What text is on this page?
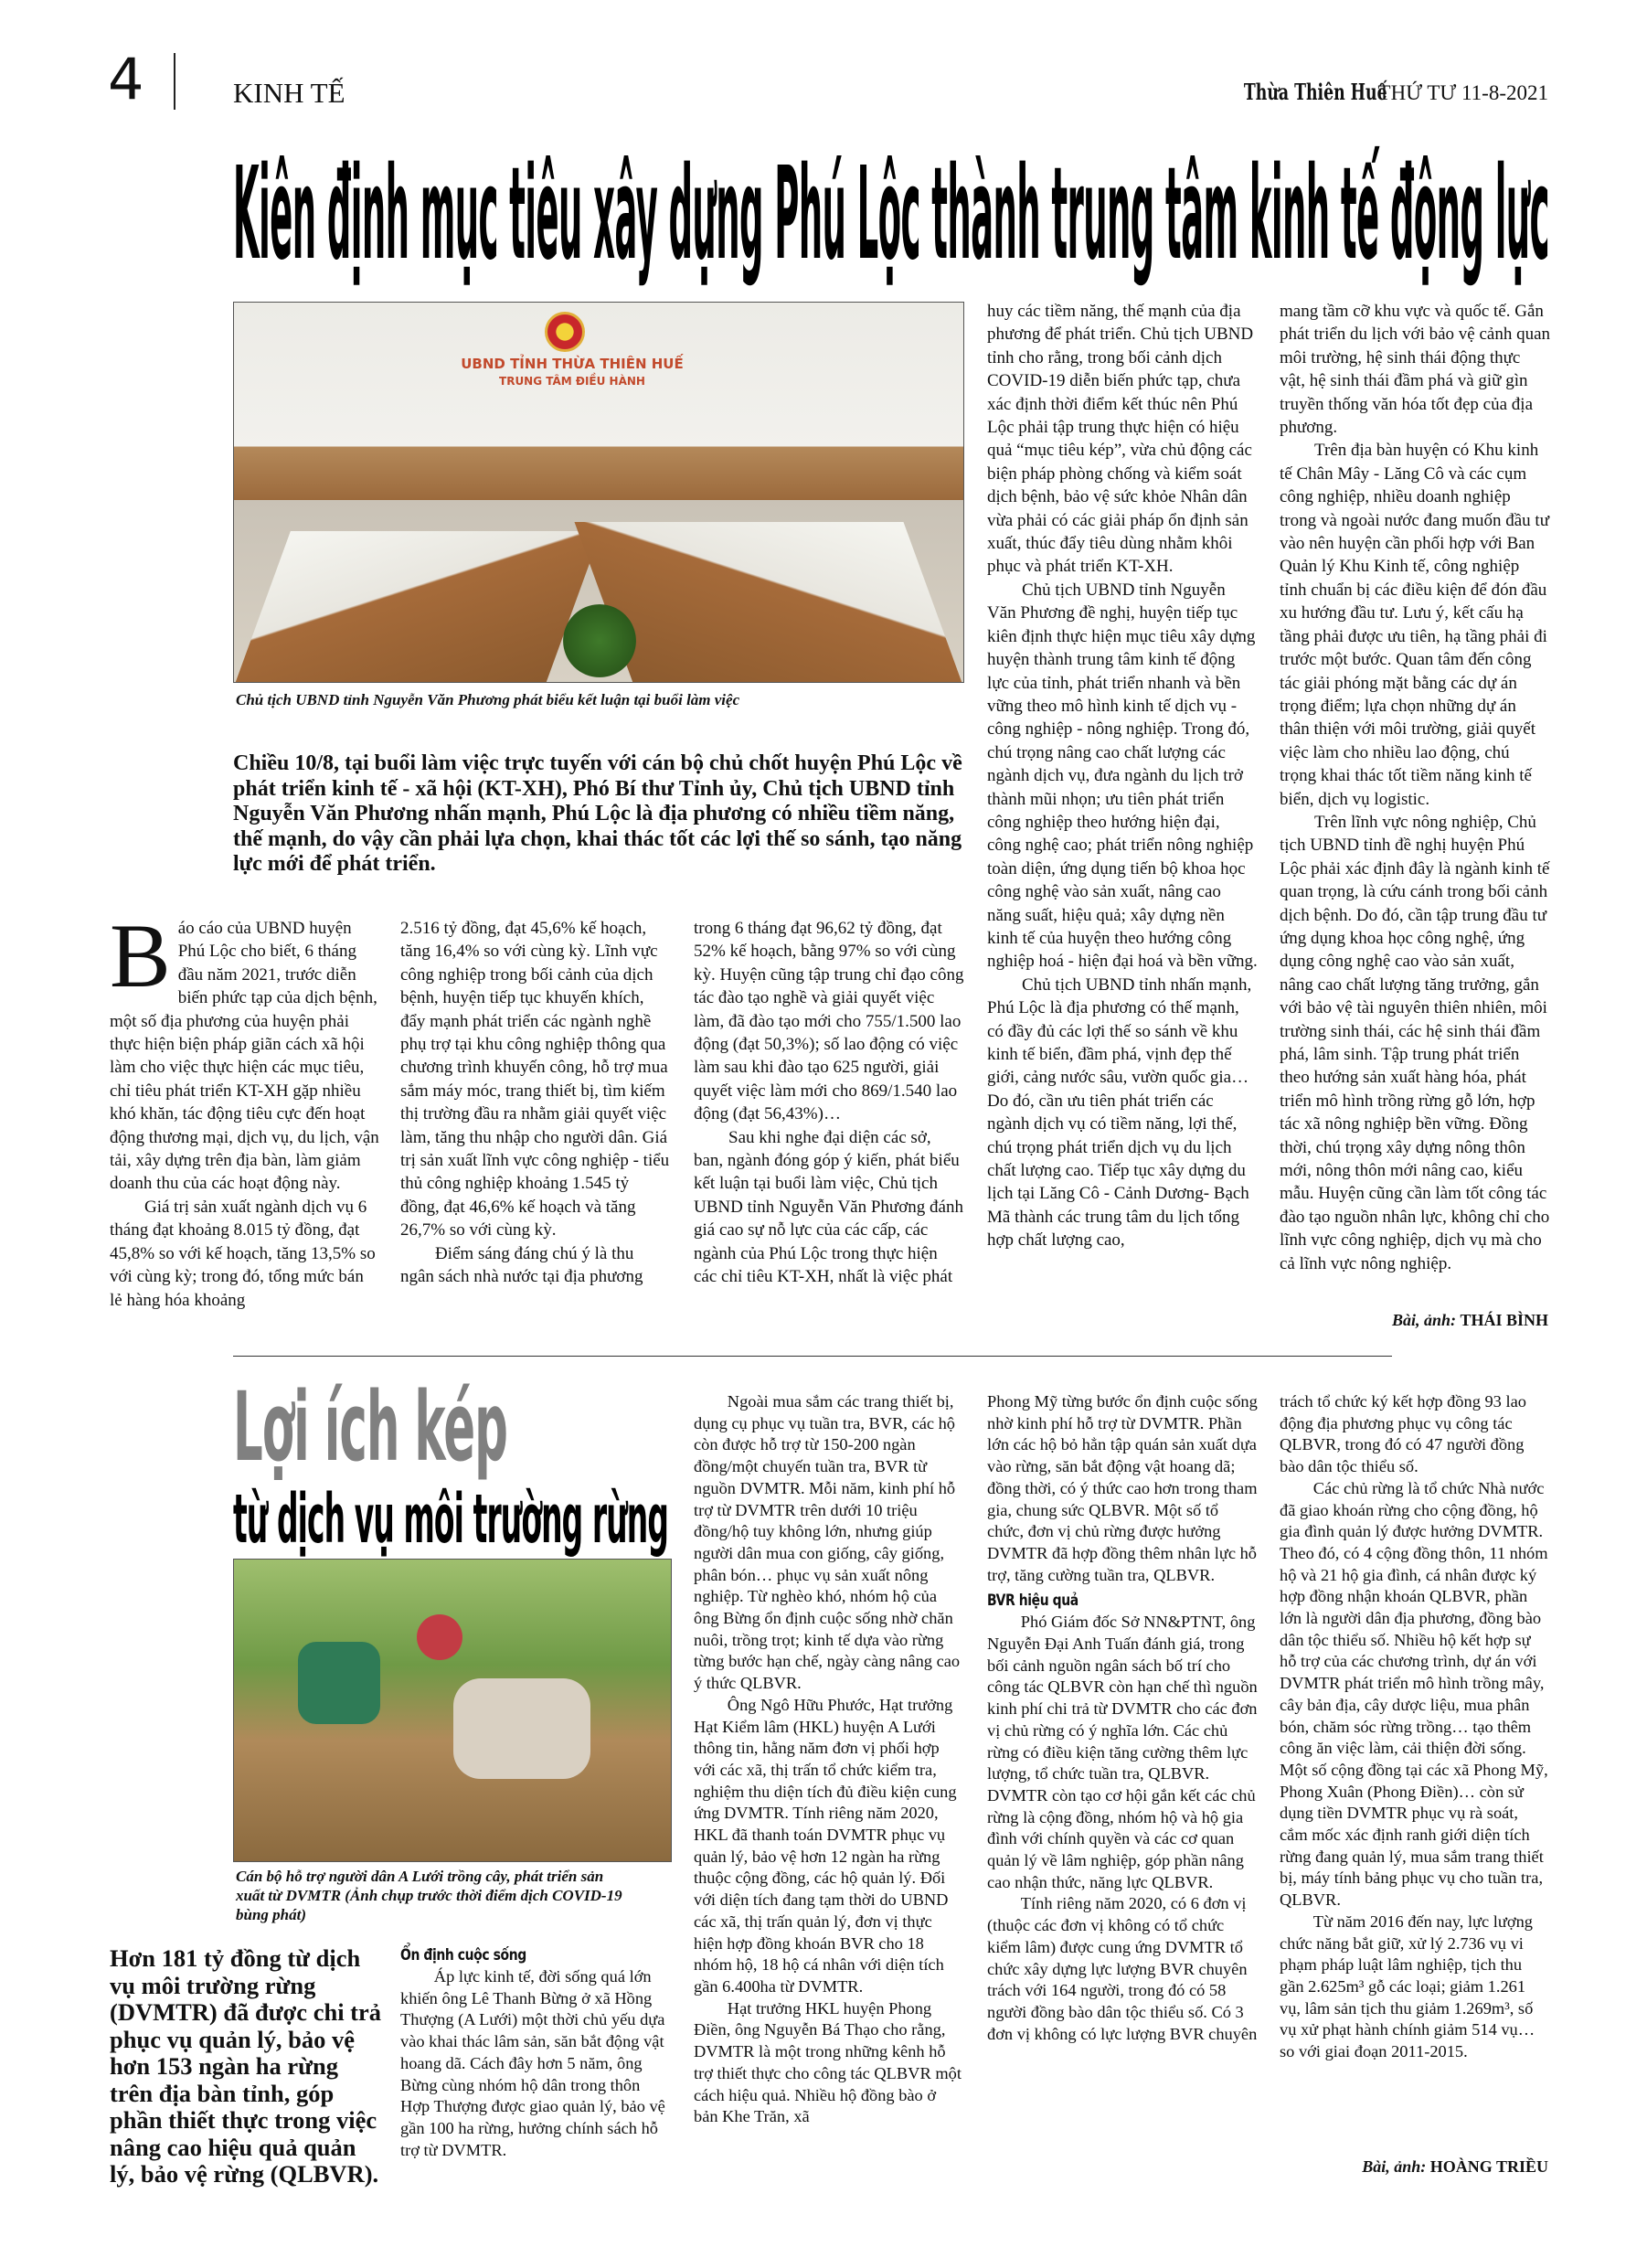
4	KINH TẾ	Thừa Thiên Huế THỨ TƯ 11-8-2021
Kiên định mục tiêu xây dựng Phú Lộc thành trung tâm kinh tế động lực
UBND TỈNH THỪA THIÊN HUẾ
TRUNG TÂM ĐIỀU HÀNH
Chủ tịch UBND tỉnh Nguyễn Văn Phương phát biểu kết luận tại buổi làm việc
Chiều 10/8, tại buổi làm việc trực tuyến với cán bộ chủ chốt huyện Phú Lộc về phát triển kinh tế - xã hội (KT-XH), Phó Bí thư Tỉnh ủy, Chủ tịch UBND tỉnh Nguyễn Văn Phương nhấn mạnh, Phú Lộc là địa phương có nhiều tiềm năng, thế mạnh, do vậy cần phải lựa chọn, khai thác tốt các lợi thế so sánh, tạo năng lực mới để phát triển.
B áo cáo của UBND huyện Phú Lộc cho biết, 6 tháng đầu năm 2021, trước diễn biến phức tạp của dịch bệnh, một số địa phương của huyện phải thực hiện biện pháp giãn cách xã hội làm cho việc thực hiện các mục tiêu, chỉ tiêu phát triển KT-XH gặp nhiều khó khăn, tác động tiêu cực đến hoạt động thương mại, dịch vụ, du lịch, vận tải, xây dựng trên địa bàn, làm giảm doanh thu của các hoạt động này.

Giá trị sản xuất ngành dịch vụ 6 tháng đạt khoảng 8.015 tỷ đồng, đạt 45,8% so với kế hoạch, tăng 13,5% so với cùng kỳ; trong đó, tổng mức bán lẻ hàng hóa khoảng

2.516 tỷ đồng, đạt 45,6% kế hoạch, tăng 16,4% so với cùng kỳ. Lĩnh vực công nghiệp trong bối cảnh của dịch bệnh, huyện tiếp tục khuyến khích, đẩy mạnh phát triển các ngành nghề phụ trợ tại khu công nghiệp thông qua chương trình khuyến công, hỗ trợ mua sắm máy móc, trang thiết bị, tìm kiếm thị trường đầu ra nhằm giải quyết việc làm, tăng thu nhập cho người dân. Giá trị sản xuất lĩnh vực công nghiệp - tiểu thủ công nghiệp khoảng 1.545 tỷ đồng, đạt 46,6% kế hoạch và tăng 26,7% so với cùng kỳ.

Điểm sáng đáng chú ý là thu ngân sách nhà nước tại địa phương

trong 6 tháng đạt 96,62 tỷ đồng, đạt 52% kế hoạch, bằng 97% so với cùng kỳ. Huyện cũng tập trung chỉ đạo công tác đào tạo nghề và giải quyết việc làm, đã đào tạo mới cho 755/1.500 lao động (đạt 50,3%); số lao động có việc làm sau khi đào tạo 625 người, giải quyết việc làm mới cho 869/1.540 lao động (đạt 56,43%)…

Sau khi nghe đại diện các sở, ban, ngành đóng góp ý kiến, phát biểu kết luận tại buổi làm việc, Chủ tịch UBND tỉnh Nguyễn Văn Phương đánh giá cao sự nỗ lực của các cấp, các ngành của Phú Lộc trong thực hiện các chỉ tiêu KT-XH, nhất là việc phát

huy các tiềm năng, thế mạnh của địa phương để phát triển. Chủ tịch UBND tỉnh cho rằng, trong bối cảnh dịch COVID-19 diễn biến phức tạp, chưa xác định thời điểm kết thúc nên Phú Lộc phải tập trung thực hiện có hiệu quả “mục tiêu kép”, vừa chủ động các biện pháp phòng chống và kiểm soát dịch bệnh, bảo vệ sức khỏe Nhân dân vừa phải có các giải pháp ổn định sản xuất, thúc đẩy tiêu dùng nhằm khôi phục và phát triển KT-XH.

Chủ tịch UBND tỉnh Nguyễn Văn Phương đề nghị, huyện tiếp tục kiên định thực hiện mục tiêu xây dựng huyện thành trung tâm kinh tế động lực của tỉnh, phát triển nhanh và bền vững theo mô hình kinh tế dịch vụ - công nghiệp - nông nghiệp. Trong đó, chú trọng nâng cao chất lượng các ngành dịch vụ, đưa ngành du lịch trở thành mũi nhọn; ưu tiên phát triển công nghiệp theo hướng hiện đại, công nghệ cao; phát triển nông nghiệp toàn diện, ứng dụng tiến bộ khoa học công nghệ vào sản xuất, nâng cao năng suất, hiệu quả; xây dựng nền kinh tế của huyện theo hướng công nghiệp hoá - hiện đại hoá và bền vững.

Chủ tịch UBND tỉnh nhấn mạnh, Phú Lộc là địa phương có thế mạnh, có đầy đủ các lợi thế so sánh về khu kinh tế biển, đầm phá, vịnh đẹp thế giới, cảng nước sâu, vườn quốc gia… Do đó, cần ưu tiên phát triển các ngành dịch vụ có tiềm năng, lợi thế, chú trọng phát triển dịch vụ du lịch chất lượng cao. Tiếp tục xây dựng du lịch tại Lăng Cô - Cảnh Dương- Bạch Mã thành các trung tâm du lịch tổng hợp chất lượng cao,

mang tầm cỡ khu vực và quốc tế. Gắn phát triển du lịch với bảo vệ cảnh quan môi trường, hệ sinh thái động thực vật, hệ sinh thái đầm phá và giữ gìn truyền thống văn hóa tốt đẹp của địa phương.

Trên địa bàn huyện có Khu kinh tế Chân Mây - Lăng Cô và các cụm công nghiệp, nhiều doanh nghiệp trong và ngoài nước đang muốn đầu tư vào nên huyện cần phối hợp với Ban Quản lý Khu Kinh tế, công nghiệp tỉnh chuẩn bị các điều kiện để đón đầu xu hướng đầu tư. Lưu ý, kết cấu hạ tầng phải được ưu tiên, hạ tầng phải đi trước một bước. Quan tâm đến công tác giải phóng mặt bằng các dự án trọng điểm; lựa chọn những dự án thân thiện với môi trường, giải quyết việc làm cho nhiều lao động, chú trọng khai thác tốt tiềm năng kinh tế biển, dịch vụ logistic.

Trên lĩnh vực nông nghiệp, Chủ tịch UBND tỉnh đề nghị huyện Phú Lộc phải xác định đây là ngành kinh tế quan trọng, là cứu cánh trong bối cảnh dịch bệnh. Do đó, cần tập trung đầu tư ứng dụng khoa học công nghệ, ứng dụng công nghệ cao vào sản xuất, nâng cao chất lượng tăng trưởng, gắn với bảo vệ tài nguyên thiên nhiên, môi trường sinh thái, các hệ sinh thái đầm phá, lâm sinh. Tập trung phát triển theo hướng sản xuất hàng hóa, phát triển mô hình trồng rừng gỗ lớn, hợp tác xã nông nghiệp bền vững. Đồng thời, chú trọng xây dựng nông thôn mới, nông thôn mới nâng cao, kiểu mẫu. Huyện cũng cần làm tốt công tác đào tạo nguồn nhân lực, không chỉ cho lĩnh vực công nghiệp, dịch vụ mà cho cả lĩnh vực nông nghiệp.

Bài, ảnh: THÁI BÌNH
Lợi ích kép
từ dịch vụ môi trường rừng
Cán bộ hỗ trợ người dân A Lưới trồng cây, phát triển sản xuất từ DVMTR (Ảnh chụp trước thời điểm dịch COVID-19 bùng phát)
Hơn 181 tỷ đồng từ dịch vụ môi trường rừng (DVMTR) đã được chi trả phục vụ quản lý, bảo vệ hơn 153 ngàn ha rừng trên địa bàn tỉnh, góp phần thiết thực trong việc nâng cao hiệu quả quản lý, bảo vệ rừng (QLBVR).
Ổn định cuộc sống

Áp lực kinh tế, đời sống quá lớn khiến ông Lê Thanh Bừng ở xã Hồng Thượng (A Lưới) một thời chủ yếu dựa vào khai thác lâm sản, săn bắt động vật hoang dã. Cách đây hơn 5 năm, ông Bừng cùng nhóm hộ dân trong thôn Hợp Thượng được giao quản lý, bảo vệ gần 100 ha rừng, hưởng chính sách hỗ trợ từ DVMTR.

Ngoài mua sắm các trang thiết bị, dụng cụ phục vụ tuần tra, BVR, các hộ còn được hỗ trợ từ 150-200 ngàn đồng/một chuyến tuần tra, BVR từ nguồn DVMTR. Mỗi năm, kinh phí hỗ trợ từ DVMTR trên dưới 10 triệu đồng/hộ tuy không lớn, nhưng giúp người dân mua con giống, cây giống, phân bón… phục vụ sản xuất nông nghiệp. Từ nghèo khó, nhóm hộ của ông Bừng ổn định cuộc sống nhờ chăn nuôi, trồng trọt; kinh tế dựa vào rừng từng bước hạn chế, ngày càng nâng cao ý thức QLBVR.

Ông Ngô Hữu Phước, Hạt trưởng Hạt Kiểm lâm (HKL) huyện A Lưới thông tin, hằng năm đơn vị phối hợp với các xã, thị trấn tổ chức kiểm tra, nghiệm thu diện tích đủ điều kiện cung ứng DVMTR. Tính riêng năm 2020, HKL đã thanh toán DVMTR phục vụ quản lý, bảo vệ hơn 12 ngàn ha rừng thuộc cộng đồng, các hộ quản lý. Đối với diện tích đang tạm thời do UBND các xã, thị trấn quản lý, đơn vị thực hiện hợp đồng khoán BVR cho 18 nhóm hộ, 18 hộ cá nhân với diện tích gần 6.400ha từ DVMTR.

Hạt trưởng HKL huyện Phong Điền, ông Nguyễn Bá Thạo cho rằng, DVMTR là một trong những kênh hỗ trợ thiết thực cho công tác QLBVR một cách hiệu quả. Nhiều hộ đồng bào ở bản Khe Trăn, xã

Phong Mỹ từng bước ổn định cuộc sống nhờ kinh phí hỗ trợ từ DVMTR. Phần lớn các hộ bỏ hẳn tập quán sản xuất dựa vào rừng, săn bắt động vật hoang dã; đồng thời, có ý thức cao hơn trong tham gia, chung sức QLBVR. Một số tổ chức, đơn vị chủ rừng được hưởng DVMTR đã hợp đồng thêm nhân lực hỗ trợ, tăng cường tuần tra, QLBVR.

BVR hiệu quả

Phó Giám đốc Sở NN&PTNT, ông Nguyễn Đại Anh Tuấn đánh giá, trong bối cảnh nguồn ngân sách bố trí cho công tác QLBVR còn hạn chế thì nguồn kinh phí chi trả từ DVMTR cho các đơn vị chủ rừng có ý nghĩa lớn. Các chủ rừng có điều kiện tăng cường thêm lực lượng, tổ chức tuần tra, QLBVR. DVMTR còn tạo cơ hội gắn kết các chủ rừng là cộng đồng, nhóm hộ và hộ gia đình với chính quyền và các cơ quan quản lý về lâm nghiệp, góp phần nâng cao nhận thức, năng lực QLBVR.

Tính riêng năm 2020, có 6 đơn vị (thuộc các đơn vị không có tổ chức kiểm lâm) được cung ứng DVMTR tổ chức xây dựng lực lượng BVR chuyên trách với 164 người, trong đó có 58 người đồng bào dân tộc thiểu số. Có 3 đơn vị không có lực lượng BVR chuyên

trách tổ chức ký kết hợp đồng 93 lao động địa phương phục vụ công tác QLBVR, trong đó có 47 người đồng bào dân tộc thiểu số.

Các chủ rừng là tổ chức Nhà nước đã giao khoán rừng cho cộng đồng, hộ gia đình quản lý được hưởng DVMTR. Theo đó, có 4 cộng đồng thôn, 11 nhóm hộ và 21 hộ gia đình, cá nhân được ký hợp đồng nhận khoán QLBVR, phần lớn là người dân địa phương, đồng bào dân tộc thiểu số. Nhiều hộ kết hợp sự hỗ trợ của các chương trình, dự án với DVMTR phát triển mô hình trồng mây, cây bản địa, cây dược liệu, mua phân bón, chăm sóc rừng trồng… tạo thêm công ăn việc làm, cải thiện đời sống. Một số cộng đồng tại các xã Phong Mỹ, Phong Xuân (Phong Điền)… còn sử dụng tiền DVMTR phục vụ rà soát, cắm mốc xác định ranh giới diện tích rừng đang quản lý, mua sắm trang thiết bị, máy tính bảng phục vụ cho tuần tra, QLBVR.

Từ năm 2016 đến nay, lực lượng chức năng bắt giữ, xử lý 2.736 vụ vi phạm pháp luật lâm nghiệp, tịch thu gần 2.625m³ gỗ các loại; giảm 1.261 vụ, lâm sản tịch thu giảm 1.269m³, số vụ xử phạt hành chính giảm 514 vụ… so với giai đoạn 2011-2015.

Bài, ảnh: HOÀNG TRIỀU
